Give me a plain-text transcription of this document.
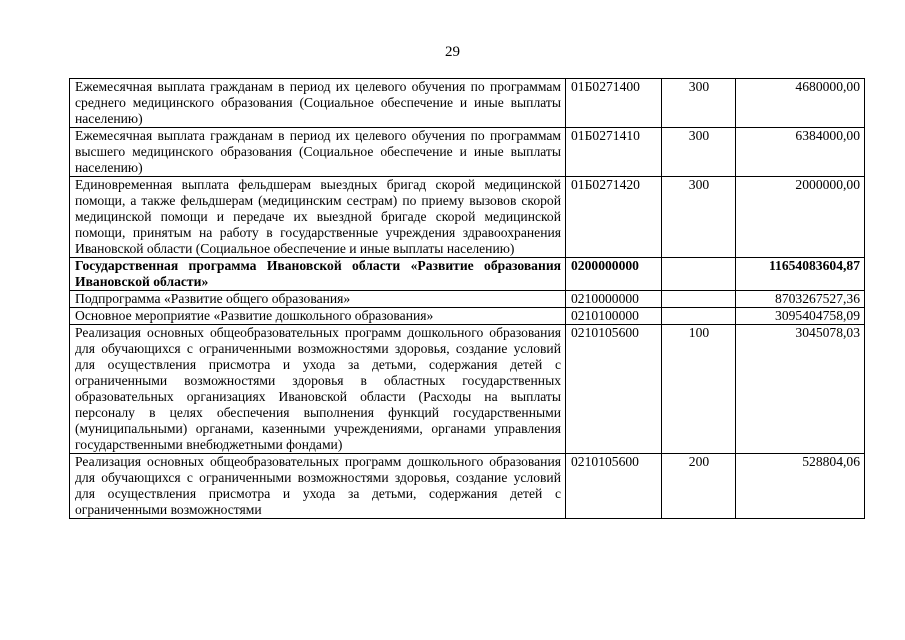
29
Ежемесячная выплата гражданам в период их целевого обучения по программам среднего медицинского образования (Социальное обеспечение и иные выплаты населению)	01Б0271400	300	4680000,00
Ежемесячная выплата гражданам в период их целевого обучения по программам высшего медицинского образования (Социальное обеспечение и иные выплаты населению)	01Б0271410	300	6384000,00
Единовременная выплата фельдшерам выездных бригад скорой медицинской помощи, а также фельдшерам (медицинским сестрам) по приему вызовов скорой медицинской помощи и передаче их выездной бригаде скорой медицинской помощи, принятым на работу в государственные учреждения здравоохранения Ивановской области (Социальное обеспечение и иные выплаты населению)	01Б0271420	300	2000000,00
Государственная программа Ивановской области «Развитие образования Ивановской области»	0200000000		11654083604,87
Подпрограмма «Развитие общего образования»	0210000000		8703267527,36
Основное мероприятие «Развитие дошкольного образования»	0210100000		3095404758,09
Реализация основных общеобразовательных программ дошкольного образования для обучающихся с ограниченными возможностями здоровья, создание условий для осуществления присмотра и ухода за детьми, содержания детей с ограниченными возможностями здоровья в областных государственных образовательных организациях Ивановской области (Расходы на выплаты персоналу в целях обеспечения выполнения функций государственными (муниципальными) органами, казенными учреждениями, органами управления государственными внебюджетными фондами)	0210105600	100	3045078,03
Реализация основных общеобразовательных программ дошкольного образования для обучающихся с ограниченными возможностями здоровья, создание условий для осуществления присмотра и ухода за детьми, содержания детей с ограниченными возможностями	0210105600	200	528804,06
